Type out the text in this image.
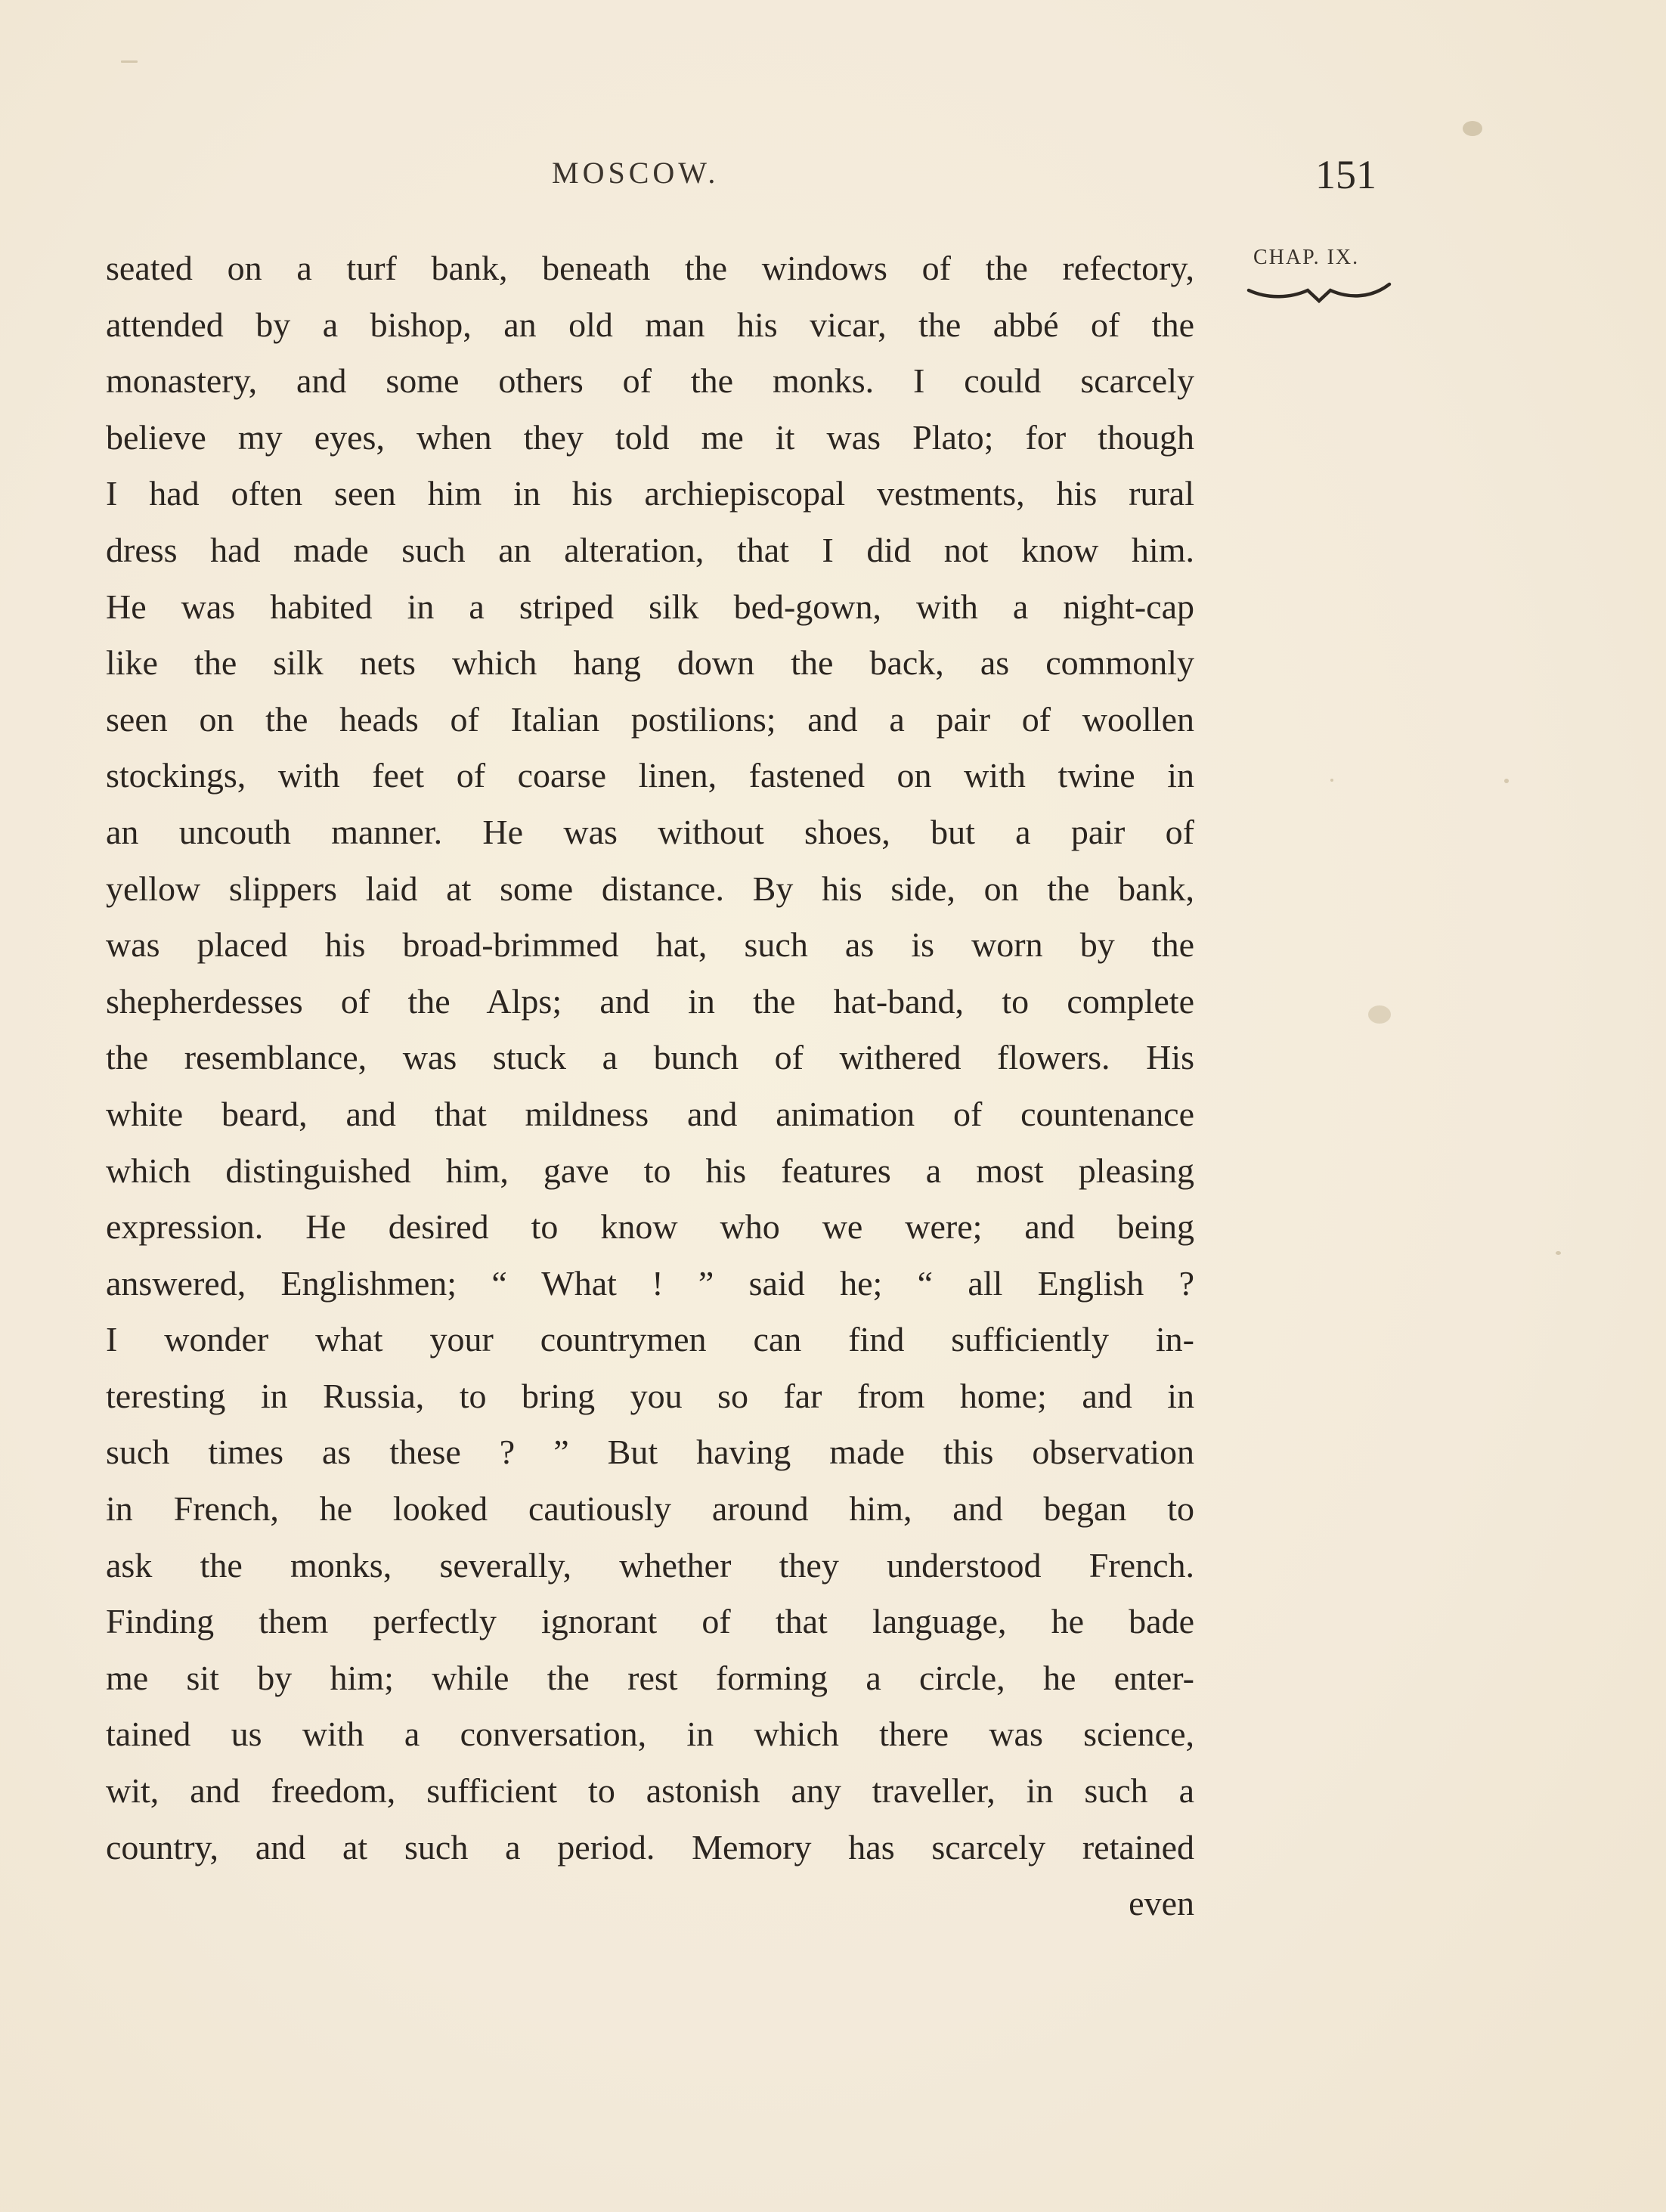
MOSCOW.	151
CHAP. IX.
seated on a turf bank, beneath the windows of the refectory,
attended by a bishop, an old man his vicar, the abbé of the
monastery, and some others of the monks. I could scarcely
believe my eyes, when they told me it was Plato; for though
I had often seen him in his archiepiscopal vestments, his rural
dress had made such an alteration, that I did not know him.
He was habited in a striped silk bed-gown, with a night-cap
like the silk nets which hang down the back, as commonly
seen on the heads of Italian postilions; and a pair of woollen
stockings, with feet of coarse linen, fastened on with twine in
an uncouth manner. He was without shoes, but a pair of
yellow slippers laid at some distance. By his side, on the bank,
was placed his broad-brimmed hat, such as is worn by the
shepherdesses of the Alps; and in the hat-band, to complete
the resemblance, was stuck a bunch of withered flowers. His
white beard, and that mildness and animation of countenance
which distinguished him, gave to his features a most pleasing
expression. He desired to know who we were; and being
answered, Englishmen; “ What ! ” said he; “ all English ?
I wonder what your countrymen can find sufficiently in-
teresting in Russia, to bring you so far from home; and in
such times as these ? ” But having made this observation
in French, he looked cautiously around him, and began to
ask the monks, severally, whether they understood French.
Finding them perfectly ignorant of that language, he bade
me sit by him; while the rest forming a circle, he enter-
tained us with a conversation, in which there was science,
wit, and freedom, sufficient to astonish any traveller, in such a
country, and at such a period. Memory has scarcely retained
even
